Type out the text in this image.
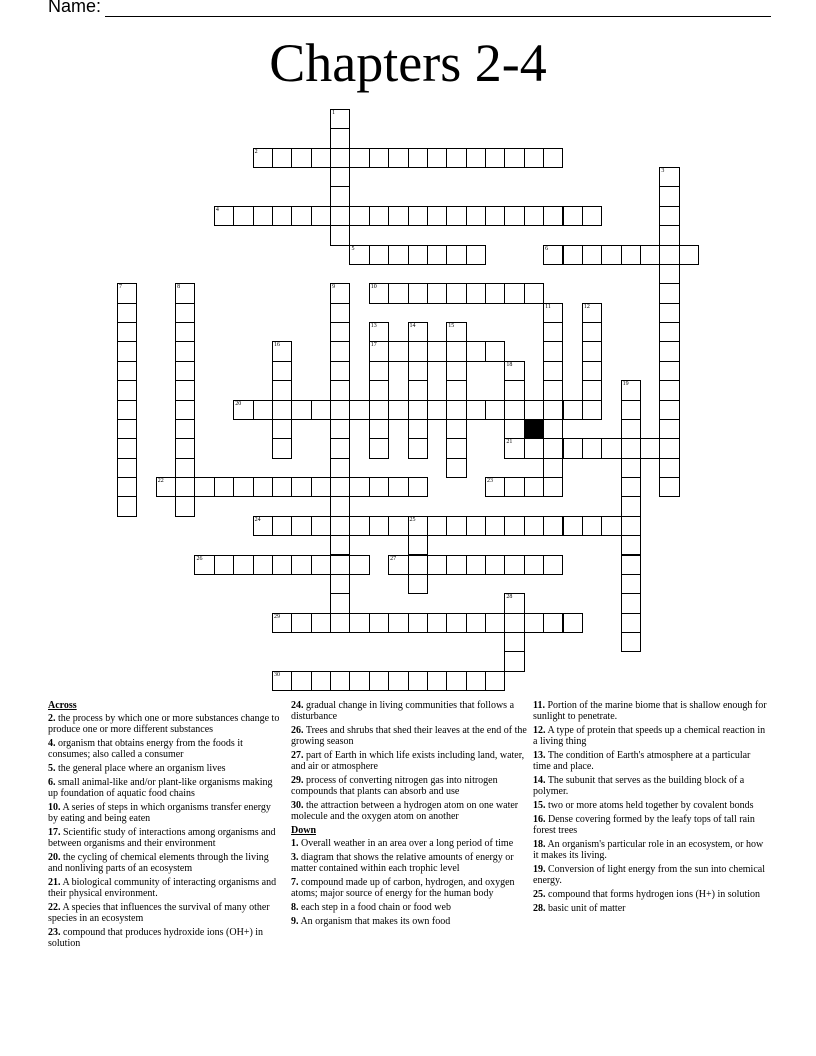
Name:
Chapters 2-4
1
2
3
4
5	6
7	8	9	10
11	12
13
17
14	15
16
18
21
19
20
22	23
24	25
26	27
28
29
30
Across
2. the process by which one or more substances change to produce one or more different substances
4. organism that obtains energy from the foods it consumes; also called a consumer
5. the general place where an organism lives
6. small animal-like and/or plant-like organisms making up foundation of aquatic food chains
10. A series of steps in which organisms transfer energy by eating and being eaten
17. Scientific study of interactions among organisms and between organisms and their environment
20. the cycling of chemical elements through the living and nonliving parts of an ecosystem
21. A biological community of interacting organisms and their physical environment.
22. A species that influences the survival of many other species in an ecosystem
23. compound that produces hydroxide ions (OH+) in solution
24. gradual change in living communities that follows a disturbance
26. Trees and shrubs that shed their leaves at the end of the growing season
27. part of Earth in which life exists including land, water, and air or atmosphere
29. process of converting nitrogen gas into nitrogen compounds that plants can absorb and use
30. the attraction between a hydrogen atom on one water molecule and the oxygen atom on another
Down
1. Overall weather in an area over a long period of time
3. diagram that shows the relative amounts of energy or matter contained within each trophic level
7. compound made up of carbon, hydrogen, and oxygen atoms; major source of energy for the human body
8. each step in a food chain or food web
9. An organism that makes its own food
11. Portion of the marine biome that is shallow enough for sunlight to penetrate.
12. A type of protein that speeds up a chemical reaction in a living thing
13. The condition of Earth's atmosphere at a particular time and place.
14. The subunit that serves as the building block of a polymer.
15. two or more atoms held together by covalent bonds
16. Dense covering formed by the leafy tops of tall rain forest trees
18. An organism's particular role in an ecosystem, or how it makes its living.
19. Conversion of light energy from the sun into chemical energy.
25. compound that forms hydrogen ions (H+) in solution
28. basic unit of matter
